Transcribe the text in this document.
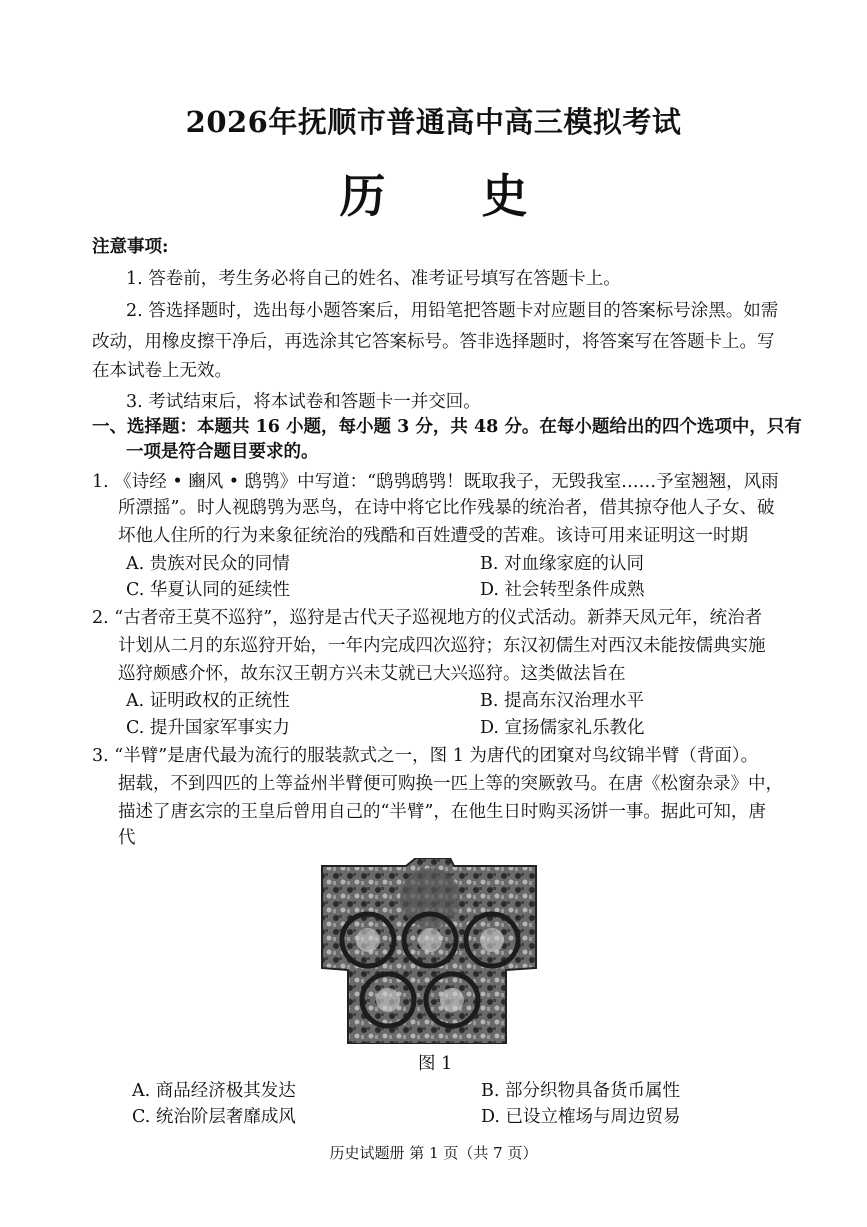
2026年抚顺市普通高中高三模拟考试
历 史
注意事项:
1. 答卷前，考生务必将自己的姓名、准考证号填写在答题卡上。
2. 答选择题时，选出每小题答案后，用铅笔把答题卡对应题目的答案标号涂黑。如需
改动，用橡皮擦干净后，再选涂其它答案标号。答非选择题时，将答案写在答题卡上。写
在本试卷上无效。
3. 考试结束后，将本试卷和答题卡一并交回。
一、选择题：本题共 16 小题，每小题 3 分，共 48 分。在每小题给出的四个选项中，只有
一项是符合题目要求的。
1. 《诗经 • 豳风 • 鸱鸮》中写道：“鸱鸮鸱鸮！既取我子，无毁我室……予室翘翘，风雨
所漂摇”。时人视鸱鸮为恶鸟，在诗中将它比作残暴的统治者，借其掠夺他人子女、破
坏他人住所的行为来象征统治的残酷和百姓遭受的苦难。该诗可用来证明这一时期
A. 贵族对民众的同情	B. 对血缘家庭的认同
C. 华夏认同的延续性	D. 社会转型条件成熟
2. “古者帝王莫不巡狩”，巡狩是古代天子巡视地方的仪式活动。新莽天凤元年，统治者
计划从二月的东巡狩开始，一年内完成四次巡狩；东汉初儒生对西汉未能按儒典实施
巡狩颇感介怀，故东汉王朝方兴未艾就已大兴巡狩。这类做法旨在
A. 证明政权的正统性	B. 提高东汉治理水平
C. 提升国家军事实力	D. 宣扬儒家礼乐教化
3. “半臂”是唐代最为流行的服装款式之一，图 1 为唐代的团窠对鸟纹锦半臂（背面）。
据载，不到四匹的上等益州半臂便可购换一匹上等的突厥敦马。在唐《松窗杂录》中，
描述了唐玄宗的王皇后曾用自己的“半臂”，在他生日时购买汤饼一事。据此可知，唐
代
图 1
A. 商品经济极其发达	B. 部分织物具备货币属性
C. 统治阶层奢靡成风	D. 已设立榷场与周边贸易
历史试题册 第 1 页（共 7 页）
